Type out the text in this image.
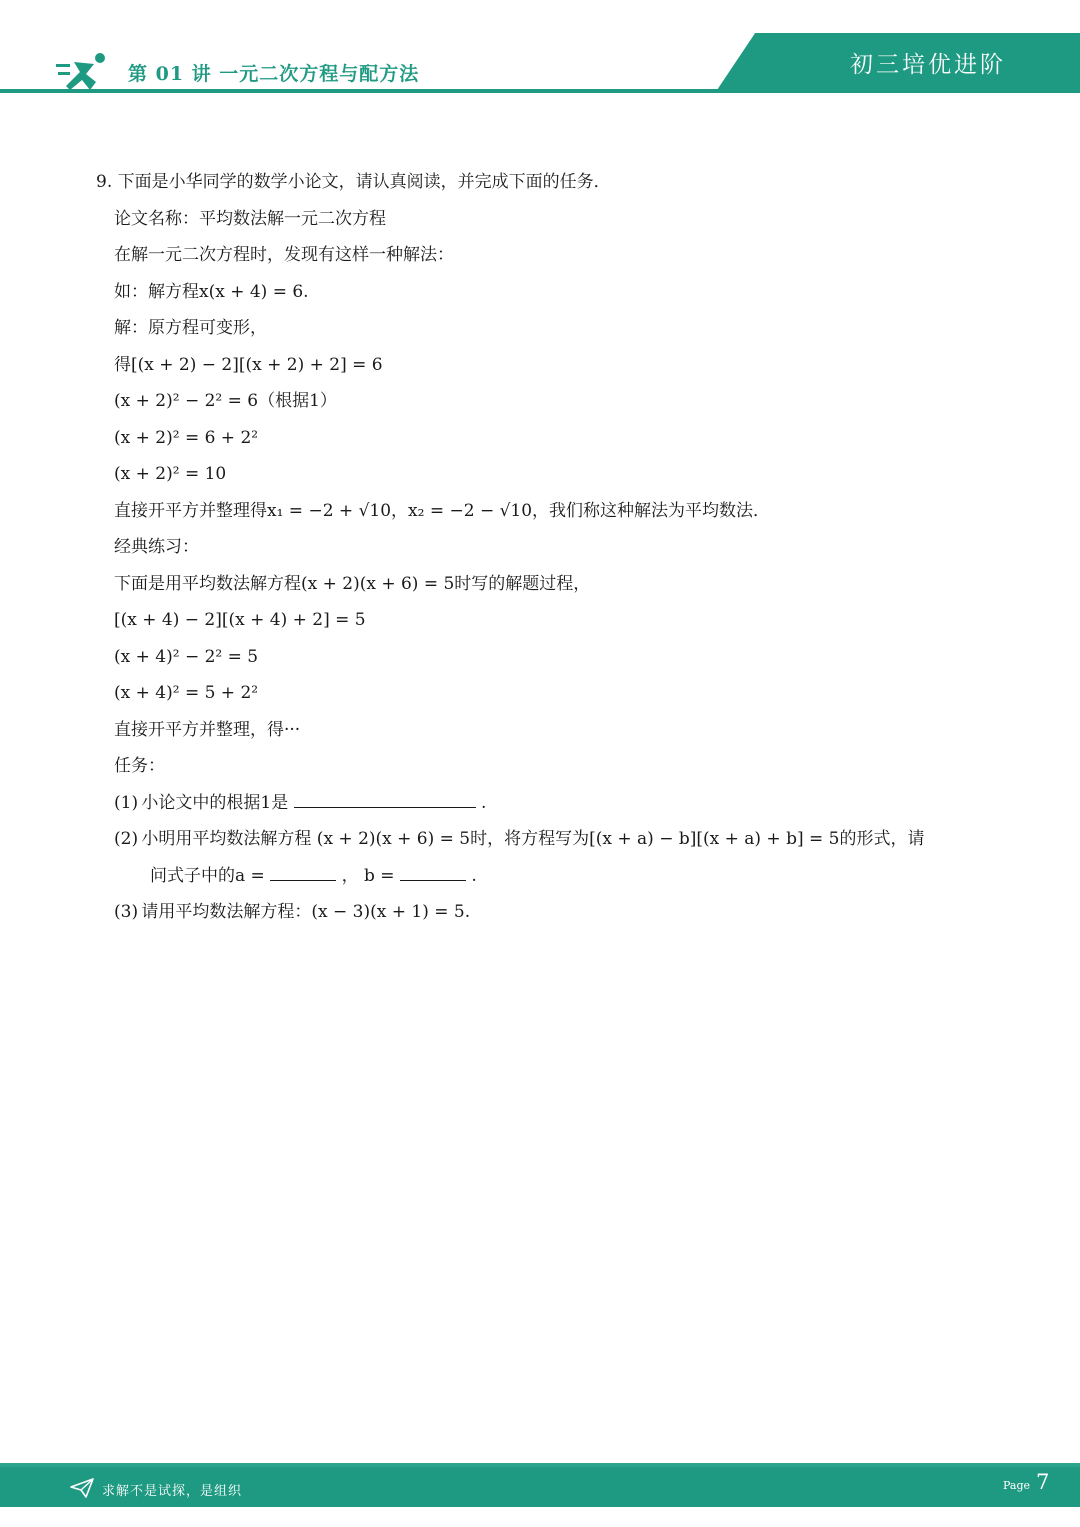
第 01 讲 一元二次方程与配方法	初三培优进阶
9. 下面是小华同学的数学小论文，请认真阅读，并完成下面的任务．
论文名称：平均数法解一元二次方程
在解一元二次方程时，发现有这样一种解法：
如：解方程x(x + 4) = 6.
解：原方程可变形，
得[(x + 2) − 2][(x + 2) + 2] = 6
(x + 2)² − 2² = 6（根据1）
(x + 2)² = 6 + 2²
(x + 2)² = 10
直接开平方并整理得x₁ = −2 + √10，x₂ = −2 − √10，我们称这种解法为平均数法．
经典练习：
下面是用平均数法解方程(x + 2)(x + 6) = 5时写的解题过程，
[(x + 4) − 2][(x + 4) + 2] = 5
(x + 4)² − 2² = 5
(x + 4)² = 5 + 2²
直接开平方并整理，得···
任务：
(1) 小论文中的根据1是	.
(2) 小明用平均数法解方程 (x + 2)(x + 6) = 5时，将方程写为[(x + a) − b][(x + a) + b] = 5的形式，请
问式子中的a =	， b =	.
(3) 请用平均数法解方程：(x − 3)(x + 1) = 5.
求解不是试探，是组织	Page 7
